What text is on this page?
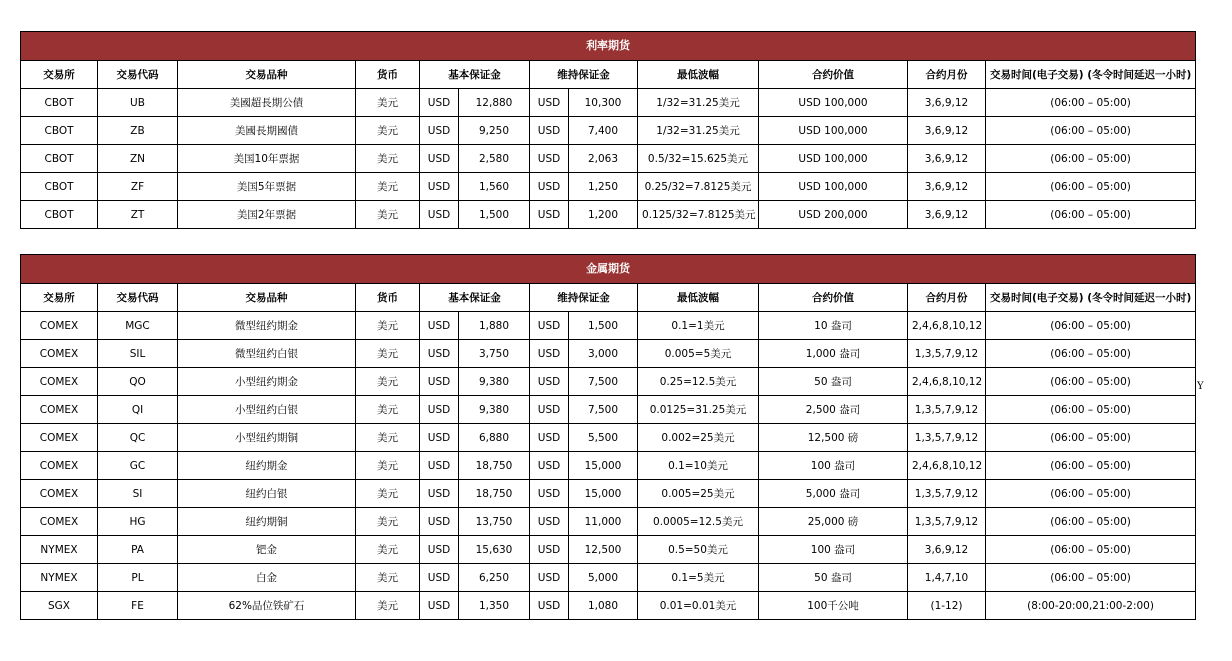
利率期货											
交易所	交易代码	交易品种	货币	基本保证金		维持保证金		最低波幅	合约价值	合约月份	交易时间(电子交易) (冬令时间延迟一小时)
CBOT	UB	美國超長期公債	美元	USD	12,880	USD	10,300	1/32=31.25美元	USD 100,000	3,6,9,12	(06:00 – 05:00)
CBOT	ZB	美國長期國債	美元	USD	9,250	USD	7,400	1/32=31.25美元	USD 100,000	3,6,9,12	(06:00 – 05:00)
CBOT	ZN	美国10年票据	美元	USD	2,580	USD	2,063	0.5/32=15.625美元	USD 100,000	3,6,9,12	(06:00 – 05:00)
CBOT	ZF	美国5年票据	美元	USD	1,560	USD	1,250	0.25/32=7.8125美元	USD 100,000	3,6,9,12	(06:00 – 05:00)
CBOT	ZT	美国2年票据	美元	USD	1,500	USD	1,200	0.125/32=7.8125美元	USD 200,000	3,6,9,12	(06:00 – 05:00)
金属期货											
交易所	交易代码	交易品种	货币	基本保证金		维持保证金		最低波幅	合约价值	合约月份	交易时间(电子交易) (冬令时间延迟一小时)
COMEX	MGC	微型纽约期金	美元	USD	1,880	USD	1,500	0.1=1美元	10 盎司	2,4,6,8,10,12	(06:00 – 05:00)
COMEX	SIL	微型纽约白银	美元	USD	3,750	USD	3,000	0.005=5美元	1,000 盎司	1,3,5,7,9,12	(06:00 – 05:00)
COMEX	QO	小型纽约期金	美元	USD	9,380	USD	7,500	0.25=12.5美元	50 盎司	2,4,6,8,10,12	(06:00 – 05:00)
COMEX	QI	小型纽约白银	美元	USD	9,380	USD	7,500	0.0125=31.25美元	2,500 盎司	1,3,5,7,9,12	(06:00 – 05:00)
COMEX	QC	小型纽约期铜	美元	USD	6,880	USD	5,500	0.002=25美元	12,500 磅	1,3,5,7,9,12	(06:00 – 05:00)
COMEX	GC	纽约期金	美元	USD	18,750	USD	15,000	0.1=10美元	100 盎司	2,4,6,8,10,12	(06:00 – 05:00)
COMEX	SI	纽约白银	美元	USD	18,750	USD	15,000	0.005=25美元	5,000 盎司	1,3,5,7,9,12	(06:00 – 05:00)
COMEX	HG	纽约期铜	美元	USD	13,750	USD	11,000	0.0005=12.5美元	25,000 磅	1,3,5,7,9,12	(06:00 – 05:00)
NYMEX	PA	钯金	美元	USD	15,630	USD	12,500	0.5=50美元	100 盎司	3,6,9,12	(06:00 – 05:00)
NYMEX	PL	白金	美元	USD	6,250	USD	5,000	0.1=5美元	50 盎司	1,4,7,10	(06:00 – 05:00)
SGX	FE	62%品位铁矿石	美元	USD	1,350	USD	1,080	0.01=0.01美元	100千公吨	(1-12)	(8:00-20:00,21:00-2:00)
Y
